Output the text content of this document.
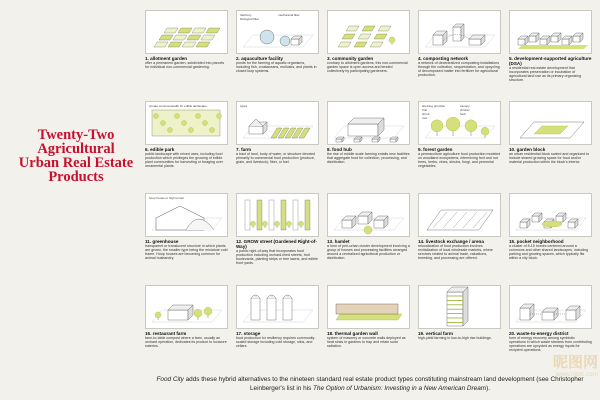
Twenty-Two
Agricultural
Urban Real Estate
Products
1. allotment garden
offer a permanent garden, subdivided into parcels for individual non-commercial gardening.
hatchery	mechanical filter
biological filter
2. aquaculture facility
ponds for the farming of aquatic organisms, including fish, crustaceans, mollusks, and plants in closed loop systems.
3. community garden
contrary to allotment gardens, this non-commercial garden space is open access and tended collectively by participating gardeners.
4. composting network
a network of decentralized composting installations through the collection, sequestration, and upcycling of decomposed matter into fertilizer for agricultural production.
5. development-supported agriculture (DSA)
a residential real estate development that incorporates preservation or incubation of agricultural land use as its primary organizing structure.
private commonwealth for edible landscape
6. edible park
public landscape with mixed uses, including food production which privileges the growing of edible plant communities for harvesting or foraging over ornamental plants.
types
7. farm
a tract of land, body of water, or structure devoted primarily to commercial food production (produce, grain, and livestock), fiber, or fuel.
8. food hub
the rise of middle scale farming entails new facilities that aggregate food for collection, processing, and distribution.
shelving principle	canopy
fruit	climber
shrub	herb
root
9. forest garden
a permaculture agriculture food production modeled on woodland ecosystems, intermixing fruit and nut trees, herbs, vines, shrubs, fungi, and perennial vegetables.
10. garden block
an urban residential block scaled and organized to include shared growing space for food and/or material production within the block's interior.
hoop house or high tunnel
11. greenhouse
transparent or translucent structure in which plants are grown, the smaller type being the miniature cold frame. Hoop houses are becoming common for animal husbandry.
12. GROW street (Gardened Right-of-Way)
a public right-of-way that incorporates food production including orchard-lined streets, fruit boulevards, planting strips or tree lawns, and edible front yards.
13. hamlet
a form of peri-urban cluster development involving a group of houses and processing facilities arranged around a centralized agricultural production or distribution.
14. livestock exchange / arena
relocalization of food production involves revitalization of local wholesale markets, where services related to animal trade, valuations, breeding, and processing are offered.
15. pocket neighborhood
a cluster of 8-15 homes centered around a commons and other shared landscapes, including parking and growing spaces, which typically fits within a city block.
16. restaurant farm
farm-to-table compost where a farm, usually an orchard operation, dedicates its product to locavore eateries.
17. storage
food production for resiliency requires community-scaled storage including cold storage, silos, and cellars.
18. thermal garden wall
system of masonry or concrete walls deployed as heat sinks in gardens to trap and retain solar radiation.
19. vertical farm
high-yield farming in low-to-high rise buildings.
20. waste-to-energy district
form of energy recovery among symbiotic operations in which waste streams from contributing operations are upcycled as energy inputs for recipient operations.
Food City adds these hybrid alternatives to the nineteen standard real estate product types constituting mainstream land development (see Christopher Leinberger's list in his The Option of Urbanism: Investing in a New American Dream).
昵图网
www.nipic.com
